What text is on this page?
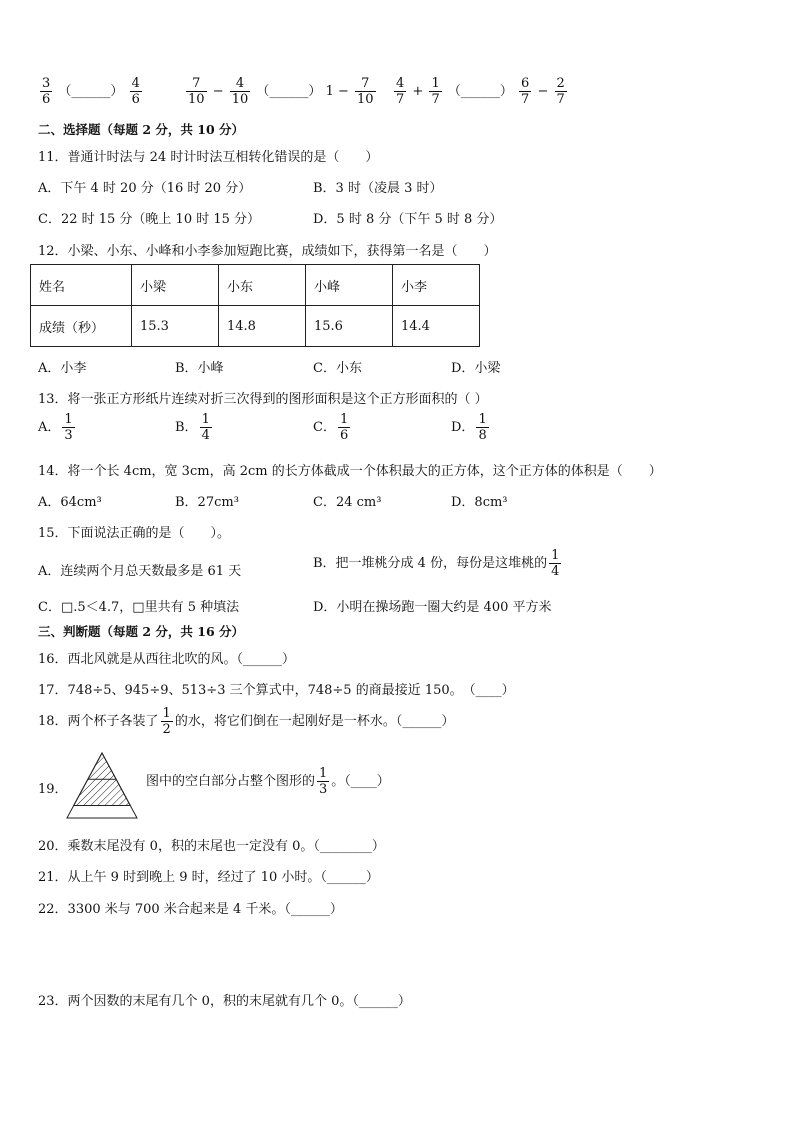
$\frac{3}{6}$ （______） $\frac{4}{6}$	$\frac{7}{10} - \frac{4}{10}$ （______） $1 - \frac{7}{10} \frac{4}{7} + \frac{1}{7}$ （______） $\frac{6}{7} - \frac{2}{7}$
二、选择题（每题 2 分，共 10 分）
11．普通计时法与 24 时计时法互相转化错误的是（　　）
A．下午 4 时 20 分（16 时 20 分）	B．3 时（凌晨 3 时）
C．22 时 15 分（晚上 10 时 15 分）	D．5 时 8 分（下午 5 时 8 分）
12．小梁、小东、小峰和小李参加短跑比赛，成绩如下，获得第一名是（　　）
姓名	小梁	小东	小峰	小李
成绩（秒）	15.3	14.8	15.6	14.4
A．小李	B．小峰	C．小东	D．小梁
13．将一张正方形纸片连续对折三次得到的图形面积是这个正方形面积的（ ）
A． $\frac{1}{3}$	B． $\frac{1}{4}$	C． $\frac{1}{6}$	D． $\frac{1}{8}$
14．将一个长 4cm，宽 3cm，高 2cm 的长方体截成一个体积最大的正方体，这个正方体的体积是（　　）
A．64cm³	B．27cm³	C．24 cm³	D．8cm³
15．下面说法正确的是（　　）。
A．连续两个月总天数最多是 61 天
B．把一堆桃分成 4 份，每份是这堆桃的 $\frac{1}{4}$
C．□.5＜4.7，□里共有 5 种填法	D．小明在操场跑一圈大约是 400 平方米
三、判断题（每题 2 分，共 16 分）
16．西北风就是从西往北吹的风。（______）
17．748÷5、945÷9、513÷3 三个算式中，748÷5 的商最接近 150。　（____）
18．两个杯子各装了 $\frac{1}{2}$ 的水，将它们倒在一起刚好是一杯水。（______）
19．
图中的空白部分占整个图形的 $\frac{1}{3}$ 。（____）
20．乘数末尾没有 0，积的末尾也一定没有 0。（________）
21．从上午 9 时到晚上 9 时，经过了 10 小时。（______）
22．3300 米与 700 米合起来是 4 千米。（______）
23．两个因数的末尾有几个 0，积的末尾就有几个 0。（______）
